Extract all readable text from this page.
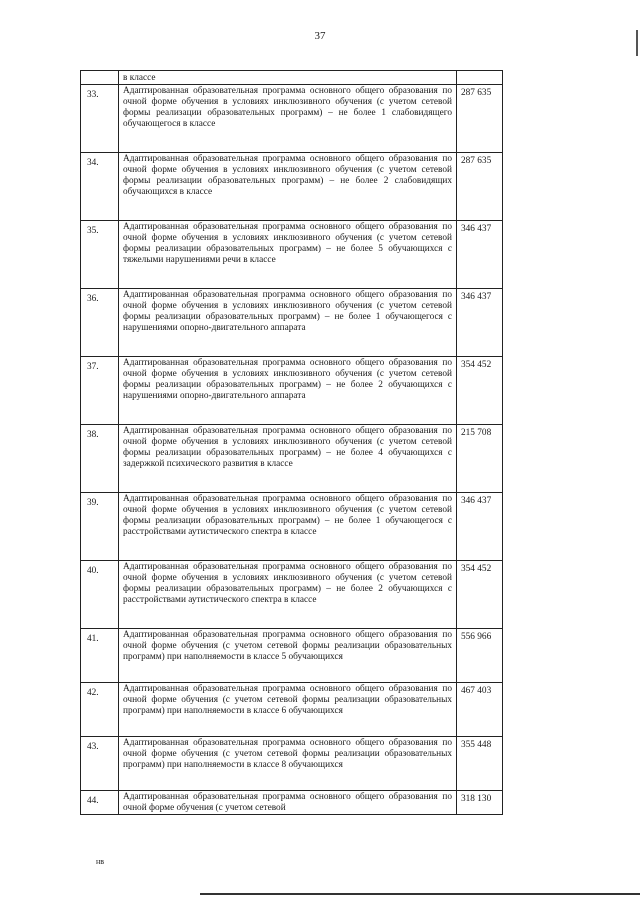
37
	в классе	
33.	Адаптированная образовательная программа основного общего образования по очной форме обучения в условиях инклюзивного обучения (с учетом сетевой формы реализации образовательных программ) – не более 1 слабовидящего обучающегося в классе	287 635
34.	Адаптированная образовательная программа основного общего образования по очной форме обучения в условиях инклюзивного обучения (с учетом сетевой формы реализации образовательных программ) – не более 2 слабовидящих обучающихся в классе	287 635
35.	Адаптированная образовательная программа основного общего образования по очной форме обучения в условиях инклюзивного обучения (с учетом сетевой формы реализации образовательных программ) – не более 5 обучающихся с тяжелыми нарушениями речи в классе	346 437
36.	Адаптированная образовательная программа основного общего образования по очной форме обучения в условиях инклюзивного обучения (с учетом сетевой формы реализации образовательных программ) – не более 1 обучающегося с нарушениями опорно-двигательного аппарата	346 437
37.	Адаптированная образовательная программа основного общего образования по очной форме обучения в условиях инклюзивного обучения (с учетом сетевой формы реализации образовательных программ) – не более 2 обучающихся с нарушениями опорно-двигательного аппарата	354 452
38.	Адаптированная образовательная программа основного общего образования по очной форме обучения в условиях инклюзивного обучения (с учетом сетевой формы реализации образовательных программ) – не более 4 обучающихся с задержкой психического развития в классе	215 708
39.	Адаптированная образовательная программа основного общего образования по очной форме обучения в условиях инклюзивного обучения (с учетом сетевой формы реализации образовательных программ) – не более 1 обучающегося с расстройствами аутистического спектра в классе	346 437
40.	Адаптированная образовательная программа основного общего образования по очной форме обучения в условиях инклюзивного обучения (с учетом сетевой формы реализации образовательных программ) – не более 2 обучающихся с расстройствами аутистического спектра в классе	354 452
41.	Адаптированная образовательная программа основного общего образования по очной форме обучения (с учетом сетевой формы реализации образовательных программ) при наполняемости в классе 5 обучающихся	556 966
42.	Адаптированная образовательная программа основного общего образования по очной форме обучения (с учетом сетевой формы реализации образовательных программ) при наполняемости в классе 6 обучающихся	467 403
43.	Адаптированная образовательная программа основного общего образования по очной форме обучения (с учетом сетевой формы реализации образовательных программ) при наполняемости в классе 8 обучающихся	355 448
44.	Адаптированная образовательная программа основного общего образования по очной форме обучения (с учетом сетевой	318 130
нв
